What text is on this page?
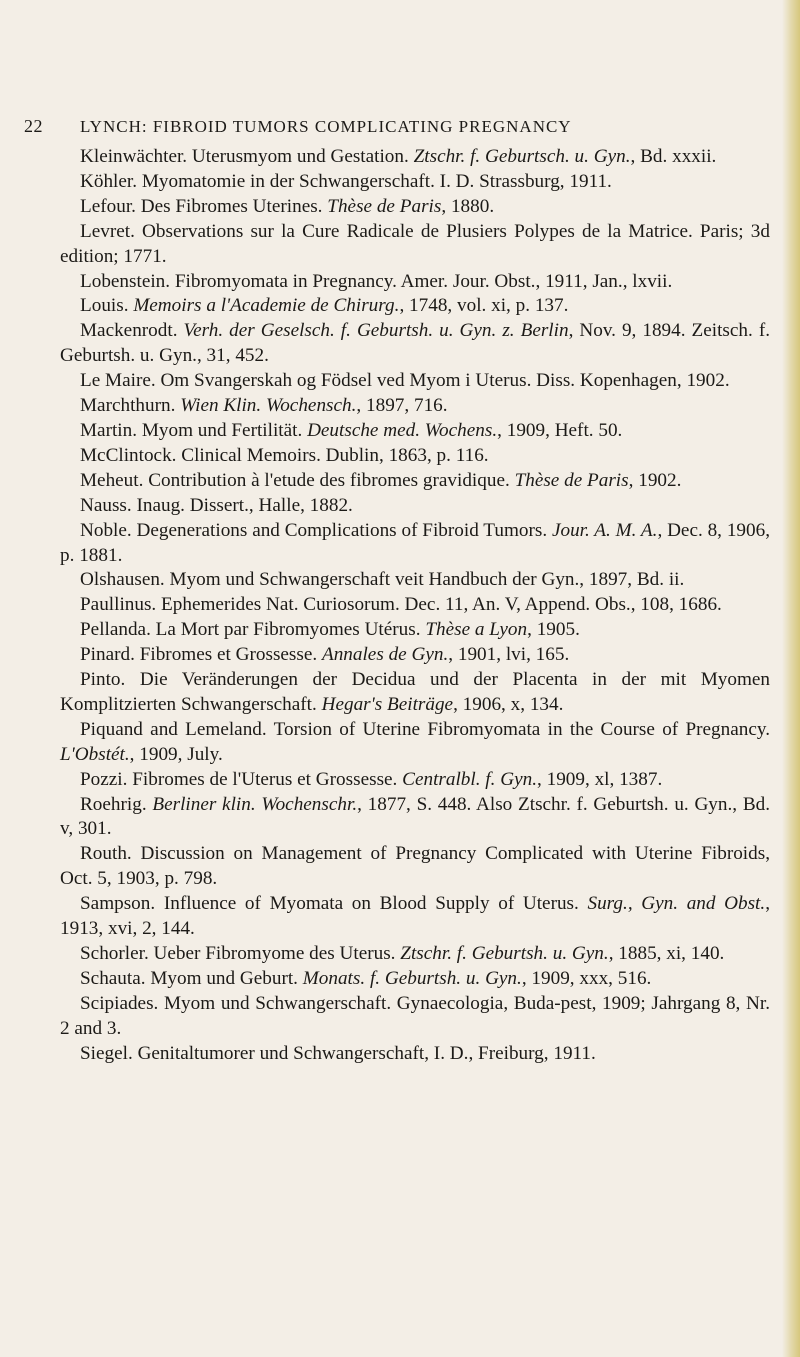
22 LYNCH: FIBROID TUMORS COMPLICATING PREGNANCY

Kleinwächter. Uterusmyom und Gestation. Ztschr. f. Geburtsch. u. Gyn., Bd. xxxii.

Köhler. Myomatomie in der Schwangerschaft. I. D. Strassburg, 1911.

Lefour. Des Fibromes Uterines. Thèse de Paris, 1880.

Levret. Observations sur la Cure Radicale de Plusiers Polypes de la Matrice. Paris; 3d edition; 1771.

Lobenstein. Fibromyomata in Pregnancy. Amer. Jour. Obst., 1911, Jan., lxvii.

Louis. Memoirs a l'Academie de Chirurg., 1748, vol. xi, p. 137.

Mackenrodt. Verh. der Geselsch. f. Geburtsh. u. Gyn. z. Berlin, Nov. 9, 1894. Zeitsch. f. Geburtsh. u. Gyn., 31, 452.

Le Maire. Om Svangerskah og Födsel ved Myom i Uterus. Diss. Kopenhagen, 1902.

Marchthurn. Wien Klin. Wochensch., 1897, 716.

Martin. Myom und Fertilität. Deutsche med. Wochens., 1909, Heft. 50.

McClintock. Clinical Memoirs. Dublin, 1863, p. 116.

Meheut. Contribution à l'etude des fibromes gravidique. Thèse de Paris, 1902.

Nauss. Inaug. Dissert., Halle, 1882.

Noble. Degenerations and Complications of Fibroid Tumors. Jour. A. M. A., Dec. 8, 1906, p. 1881.

Olshausen. Myom und Schwangerschaft veit Handbuch der Gyn., 1897, Bd. ii.

Paullinus. Ephemerides Nat. Curiosorum. Dec. 11, An. V, Append. Obs., 108, 1686.

Pellanda. La Mort par Fibromyomes Utérus. Thèse a Lyon, 1905.

Pinard. Fibromes et Grossesse. Annales de Gyn., 1901, lvi, 165.

Pinto. Die Veränderungen der Decidua und der Placenta in der mit Myomen Komplitzierten Schwangerschaft. Hegar's Beiträge, 1906, x, 134.

Piquand and Lemeland. Torsion of Uterine Fibromyomata in the Course of Pregnancy. L'Obstét., 1909, July.

Pozzi. Fibromes de l'Uterus et Grossesse. Centralbl. f. Gyn., 1909, xl, 1387.

Roehrig. Berliner klin. Wochenschr., 1877, S. 448. Also Ztschr. f. Geburtsh. u. Gyn., Bd. v, 301.

Routh. Discussion on Management of Pregnancy Complicated with Uterine Fibroids, Oct. 5, 1903, p. 798.

Sampson. Influence of Myomata on Blood Supply of Uterus. Surg., Gyn. and Obst., 1913, xvi, 2, 144.

Schorler. Ueber Fibromyome des Uterus. Ztschr. f. Geburtsh. u. Gyn., 1885, xi, 140.

Schauta. Myom und Geburt. Monats. f. Geburtsh. u. Gyn., 1909, xxx, 516.

Scipiades. Myom und Schwangerschaft. Gynaecologia, Buda-pest, 1909; Jahrgang 8, Nr. 2 and 3.

Siegel. Genitaltumorer und Schwangerschaft, I. D., Freiburg, 1911.
